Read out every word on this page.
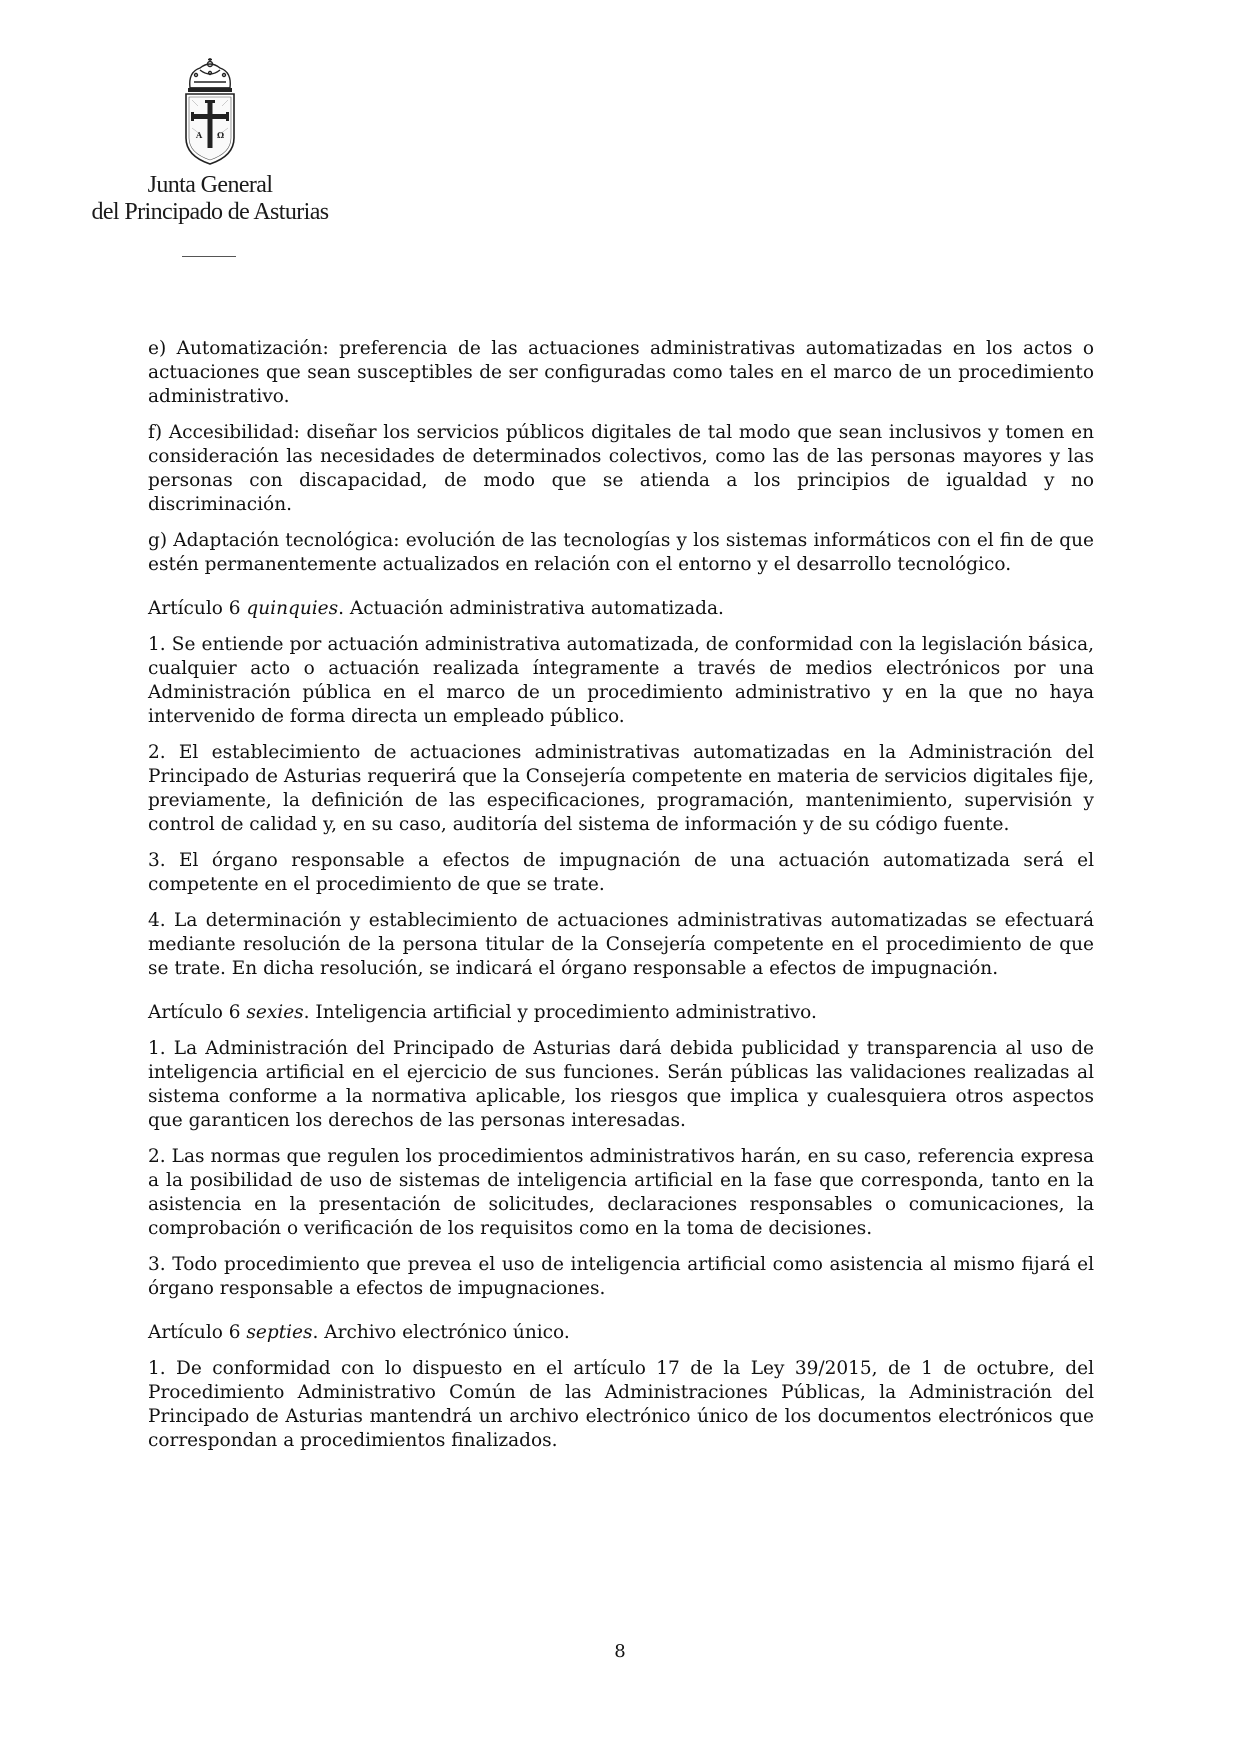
A Ω
Junta General
del Principado de Asturias

e) Automatización: preferencia de las actuaciones administrativas automatizadas en los actos o actuaciones que sean susceptibles de ser configuradas como tales en el marco de un procedimiento administrativo.

f) Accesibilidad: diseñar los servicios públicos digitales de tal modo que sean inclusivos y tomen en consideración las necesidades de determinados colectivos, como las de las personas mayores y las personas con discapacidad, de modo que se atienda a los principios de igualdad y no discriminación.

g) Adaptación tecnológica: evolución de las tecnologías y los sistemas informáticos con el fin de que estén permanentemente actualizados en relación con el entorno y el desarrollo tecnológico.

Artículo 6 quinquies. Actuación administrativa automatizada.

1. Se entiende por actuación administrativa automatizada, de conformidad con la legislación básica, cualquier acto o actuación realizada íntegramente a través de medios electrónicos por una Administración pública en el marco de un procedimiento administrativo y en la que no haya intervenido de forma directa un empleado público.

2. El establecimiento de actuaciones administrativas automatizadas en la Administración del Principado de Asturias requerirá que la Consejería competente en materia de servicios digitales fije, previamente, la definición de las especificaciones, programación, mantenimiento, supervisión y control de calidad y, en su caso, auditoría del sistema de información y de su código fuente.

3. El órgano responsable a efectos de impugnación de una actuación automatizada será el competente en el procedimiento de que se trate.

4. La determinación y establecimiento de actuaciones administrativas automatizadas se efectuará mediante resolución de la persona titular de la Consejería competente en el procedimiento de que se trate. En dicha resolución, se indicará el órgano responsable a efectos de impugnación.

Artículo 6 sexies. Inteligencia artificial y procedimiento administrativo.

1. La Administración del Principado de Asturias dará debida publicidad y transparencia al uso de inteligencia artificial en el ejercicio de sus funciones. Serán públicas las validaciones realizadas al sistema conforme a la normativa aplicable, los riesgos que implica y cualesquiera otros aspectos que garanticen los derechos de las personas interesadas.

2. Las normas que regulen los procedimientos administrativos harán, en su caso, referencia expresa a la posibilidad de uso de sistemas de inteligencia artificial en la fase que corresponda, tanto en la asistencia en la presentación de solicitudes, declaraciones responsables o comunicaciones, la comprobación o verificación de los requisitos como en la toma de decisiones.

3. Todo procedimiento que prevea el uso de inteligencia artificial como asistencia al mismo fijará el órgano responsable a efectos de impugnaciones.

Artículo 6 septies. Archivo electrónico único.

1. De conformidad con lo dispuesto en el artículo 17 de la Ley 39/2015, de 1 de octubre, del Procedimiento Administrativo Común de las Administraciones Públicas, la Administración del Principado de Asturias mantendrá un archivo electrónico único de los documentos electrónicos que correspondan a procedimientos finalizados.

8
